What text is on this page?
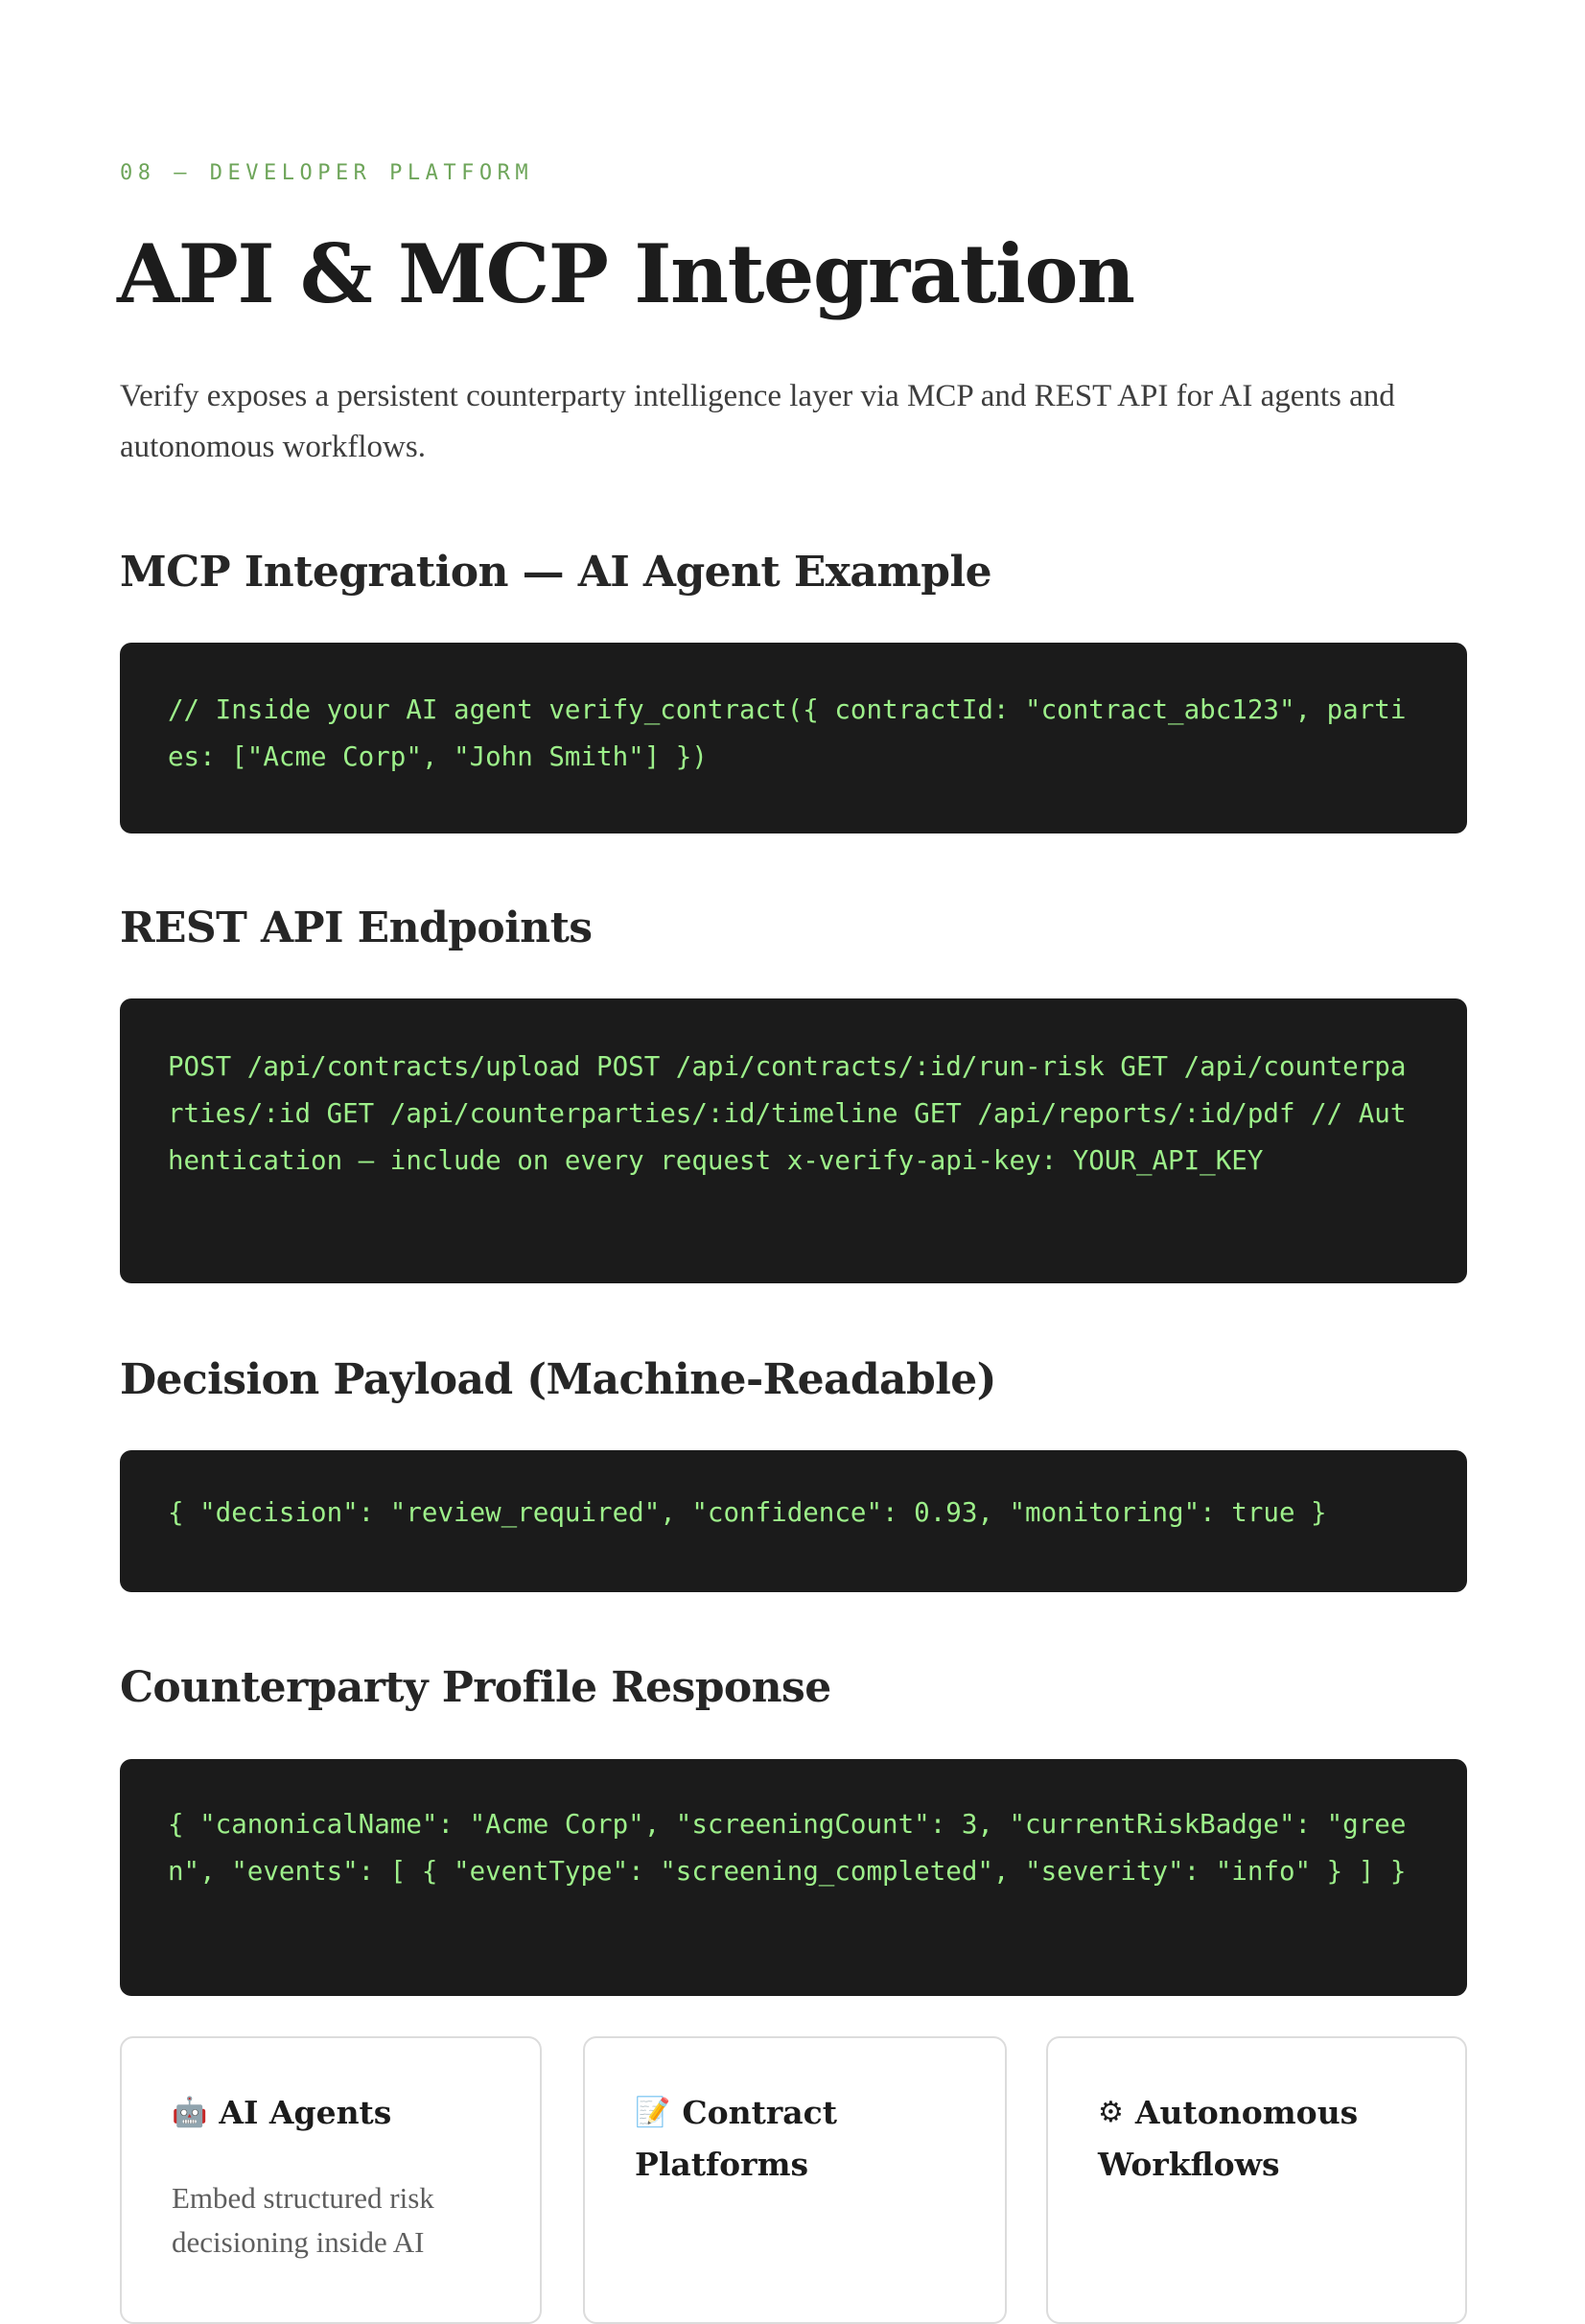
08 — DEVELOPER PLATFORM
API & MCP Integration

Verify exposes a persistent counterparty intelligence layer via MCP and REST API for AI agents and autonomous workflows.

MCP Integration — AI Agent Example
// Inside your AI agent verify_contract({ contractId: "contract_abc123", parties: ["Acme Corp", "John Smith"] })
REST API Endpoints
POST /api/contracts/upload POST /api/contracts/:id/run-risk GET /api/counterparties/:id GET /api/counterparties/:id/timeline GET /api/reports/:id/pdf // Authentication — include on every request x-verify-api-key: YOUR_API_KEY
Decision Payload (Machine-Readable)
{ "decision": "review_required", "confidence": 0.93, "monitoring": true }
Counterparty Profile Response
{ "canonicalName": "Acme Corp", "screeningCount": 3, "currentRiskBadge": "green", "events": [ { "eventType": "screening_completed", "severity": "info" } ] }
🤖 AI Agents

Embed structured risk decisioning inside AI

📝 Contract Platforms

⚙ Autonomous Workflows
